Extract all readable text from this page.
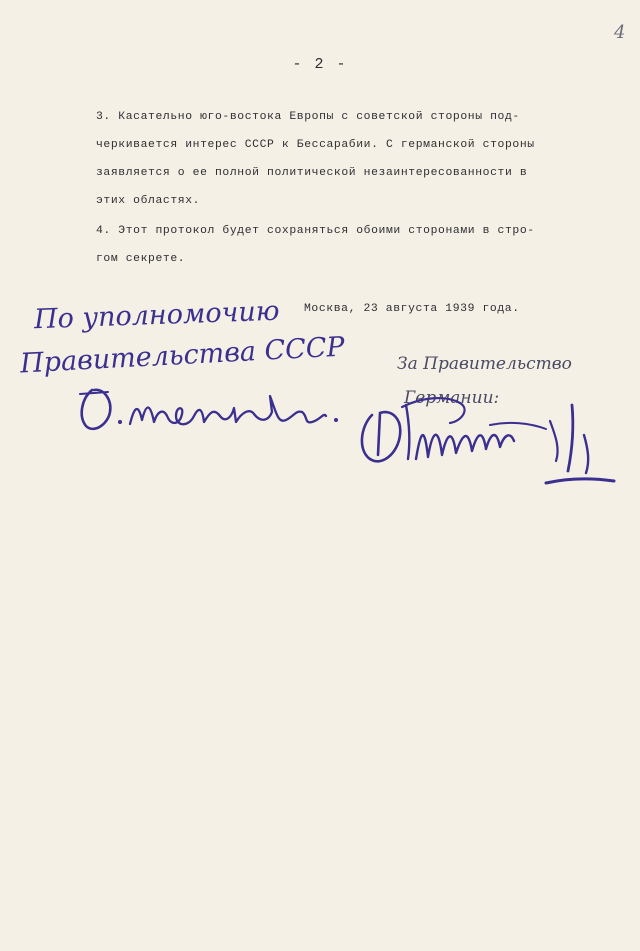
4
- 2 -

3. Касательно юго-востока Европы с советской стороны под-
черкивается интерес СССР к Бессарабии. С германской стороны
заявляется о ее полной политической незаинтересованности в
этих областях.

4. Этот протокол будет сохраняться обоими сторонами в стро-
гом секрете.

Москва, 23 августа 1939 года.
По уполномочию
Правительства СССР	За Правительство
Германии:
